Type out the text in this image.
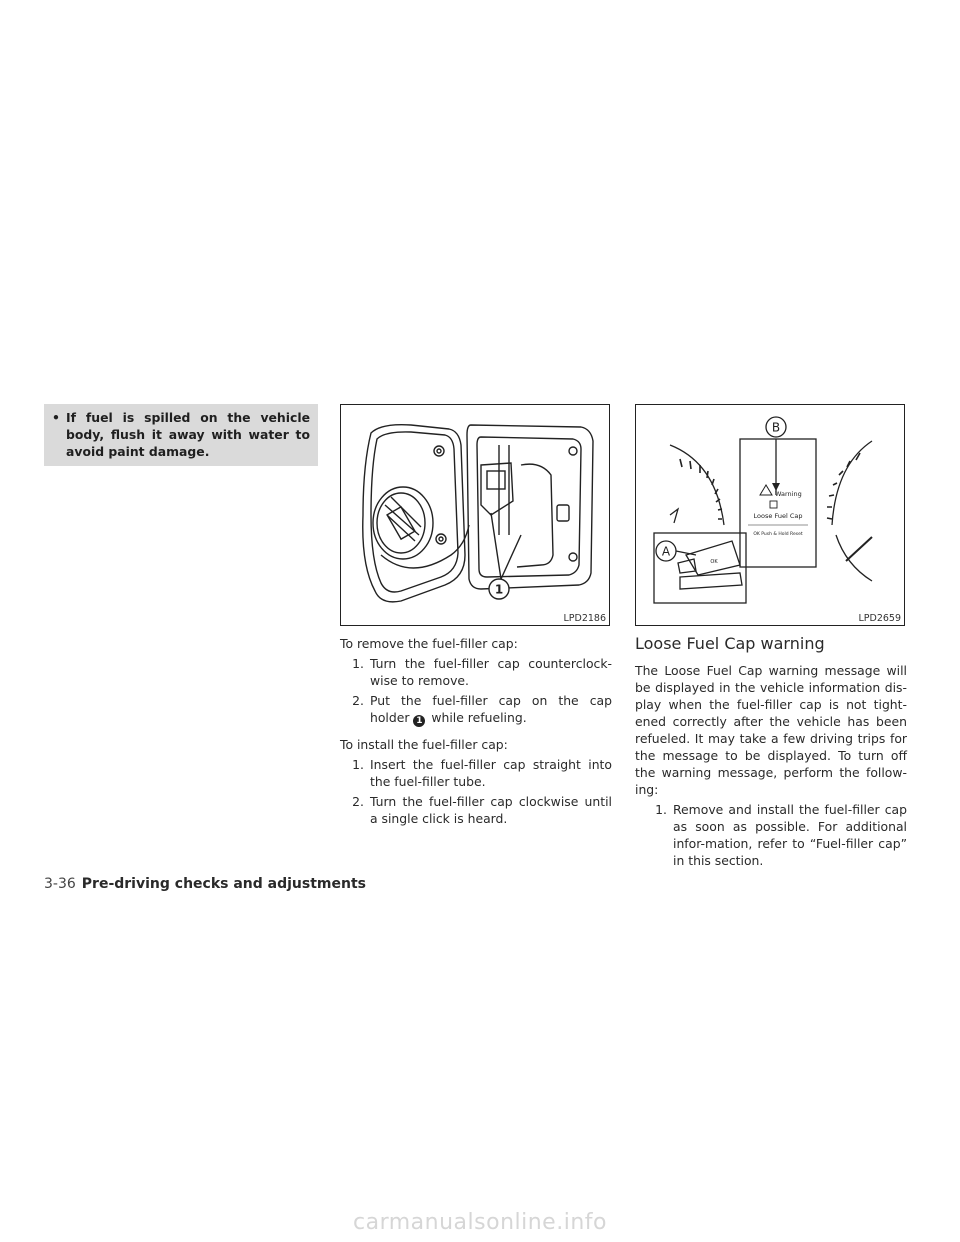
• If fuel is spilled on the vehicle body, flush it away with water to avoid paint damage.
1
LPD2186

To remove the fuel-filler cap:

1. Turn the fuel-filler cap counterclock-wise to remove.
2. Put the fuel-filler cap on the cap holder 1 while refueling.

To install the fuel-filler cap:

1. Insert the fuel-filler cap straight into the fuel-filler tube.
2. Turn the fuel-filler cap clockwise until a single click is heard.
Warning
Loose Fuel Cap
OK Push & Hold Reset
OK
B
A
LPD2659
Loose Fuel Cap warning

The Loose Fuel Cap warning message will be displayed in the vehicle information dis-play when the fuel-filler cap is not tight-ened correctly after the vehicle has been refueled. It may take a few driving trips for the message to be displayed. To turn off the warning message, perform the follow-ing:

1. Remove and install the fuel-filler cap as soon as possible. For additional infor-mation, refer to “Fuel-filler cap” in this section.
3-36 Pre-driving checks and adjustments
carmanualsonline.info
